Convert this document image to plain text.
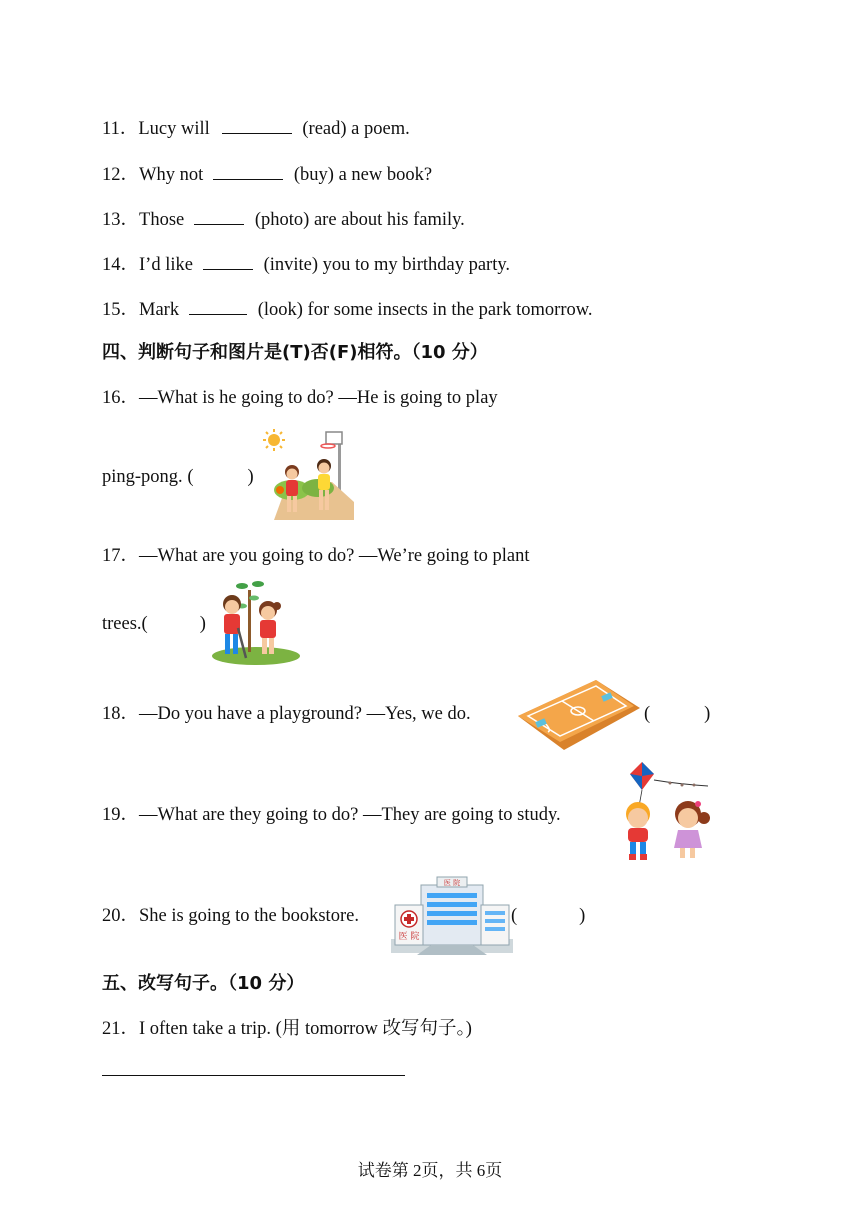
11．Lucy will	(read) a poem.
12．Why not	(buy) a new book?
13．Those	(photo) are about his family.
14．I’d like	(invite) you to my birthday party.
15．Mark	(look) for some insects in the park tomorrow.
四、判断句子和图片是(T)否(F)相符。（10 分）
16．—What is he going to do? —He is going to play
ping-pong. (	)
17．—What are you going to do? —We’re going to plant
trees.(	)
18．—Do you have a playground? —Yes, we do.	(	)
19．—What are they going to do? —They are going to study.
20．She is going to the bookstore.
医 院
医 院
(	)
五、改写句子。（10 分）
21．I often take a trip. (用 tomorrow 改写句子。)
试卷第 2页，共 6页
